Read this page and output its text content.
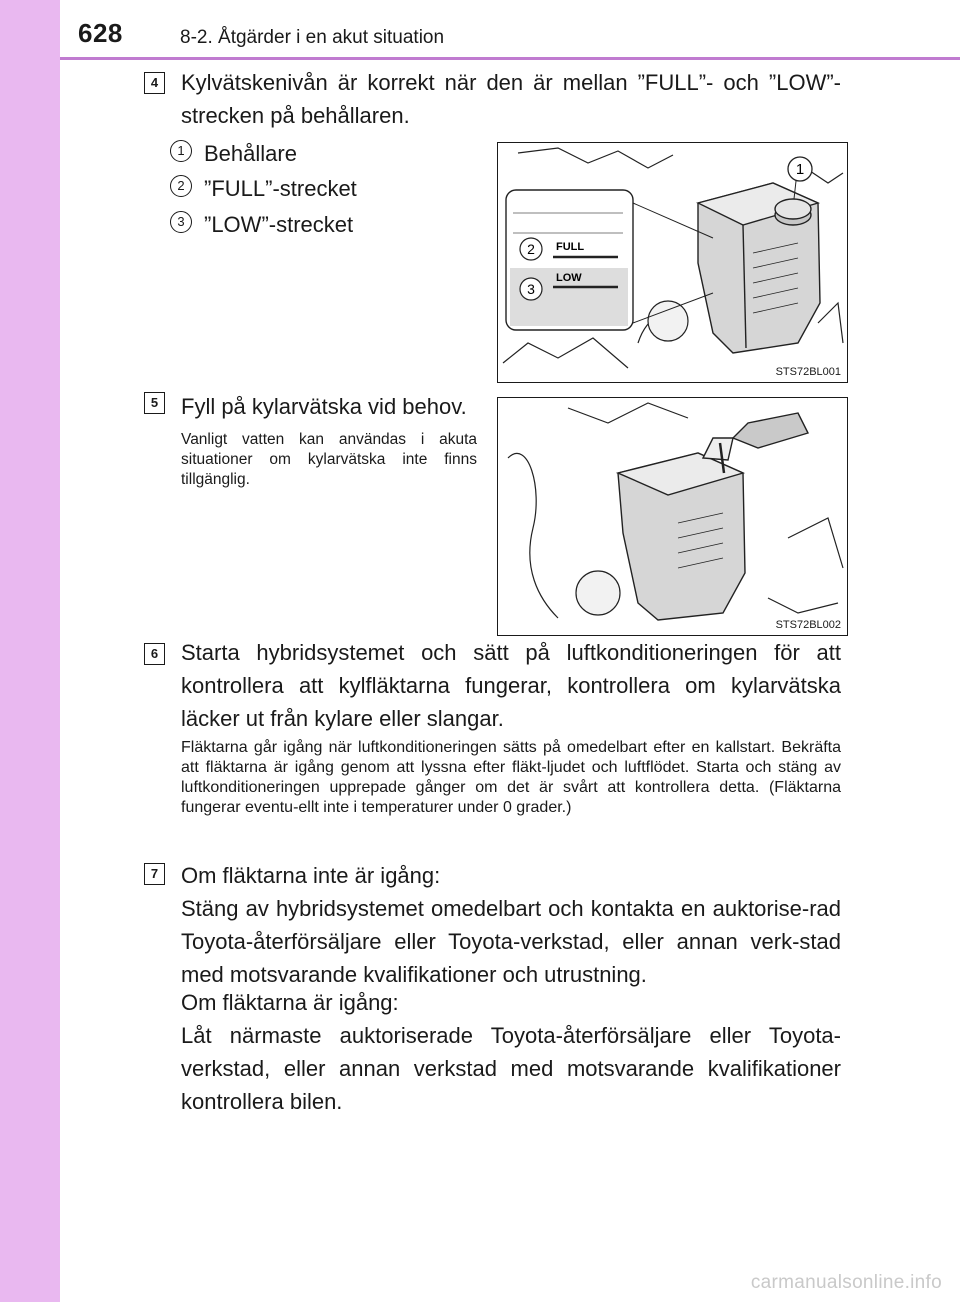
628	8-2. Åtgärder i en akut situation
4	Kylvätskenivån är korrekt när den är mellan ”FULL”- och ”LOW”-strecken på behållaren.
1 Behållare
2 ”FULL”-strecket
3 ”LOW”-strecket
1
FULL
LOW
2
3
STS72BL001
5	Fyll på kylarvätska vid behov.
Vanligt vatten kan användas i akuta situationer om kylarvätska inte finns tillgänglig.
STS72BL002
6	Starta hybridsystemet och sätt på luftkonditioneringen för att kontrollera att kylfläktarna fungerar, kontrollera om kylarvätska läcker ut från kylare eller slangar.
Fläktarna går igång när luftkonditioneringen sätts på omedelbart efter en kallstart. Bekräfta att fläktarna är igång genom att lyssna efter fläkt-ljudet och luftflödet. Starta och stäng av luftkonditioneringen upprepade gånger om det är svårt att kontrollera detta. (Fläktarna fungerar eventu-ellt inte i temperaturer under 0 grader.)
7	Om fläktarna inte är igång:
Stäng av hybridsystemet omedelbart och kontakta en auktorise-rad Toyota-återförsäljare eller Toyota-verkstad, eller annan verk-stad med motsvarande kvalifikationer och utrustning.
Om fläktarna är igång:
Låt närmaste auktoriserade Toyota-återförsäljare eller Toyota-verkstad, eller annan verkstad med motsvarande kvalifikationer kontrollera bilen.
carmanualsonline.info
